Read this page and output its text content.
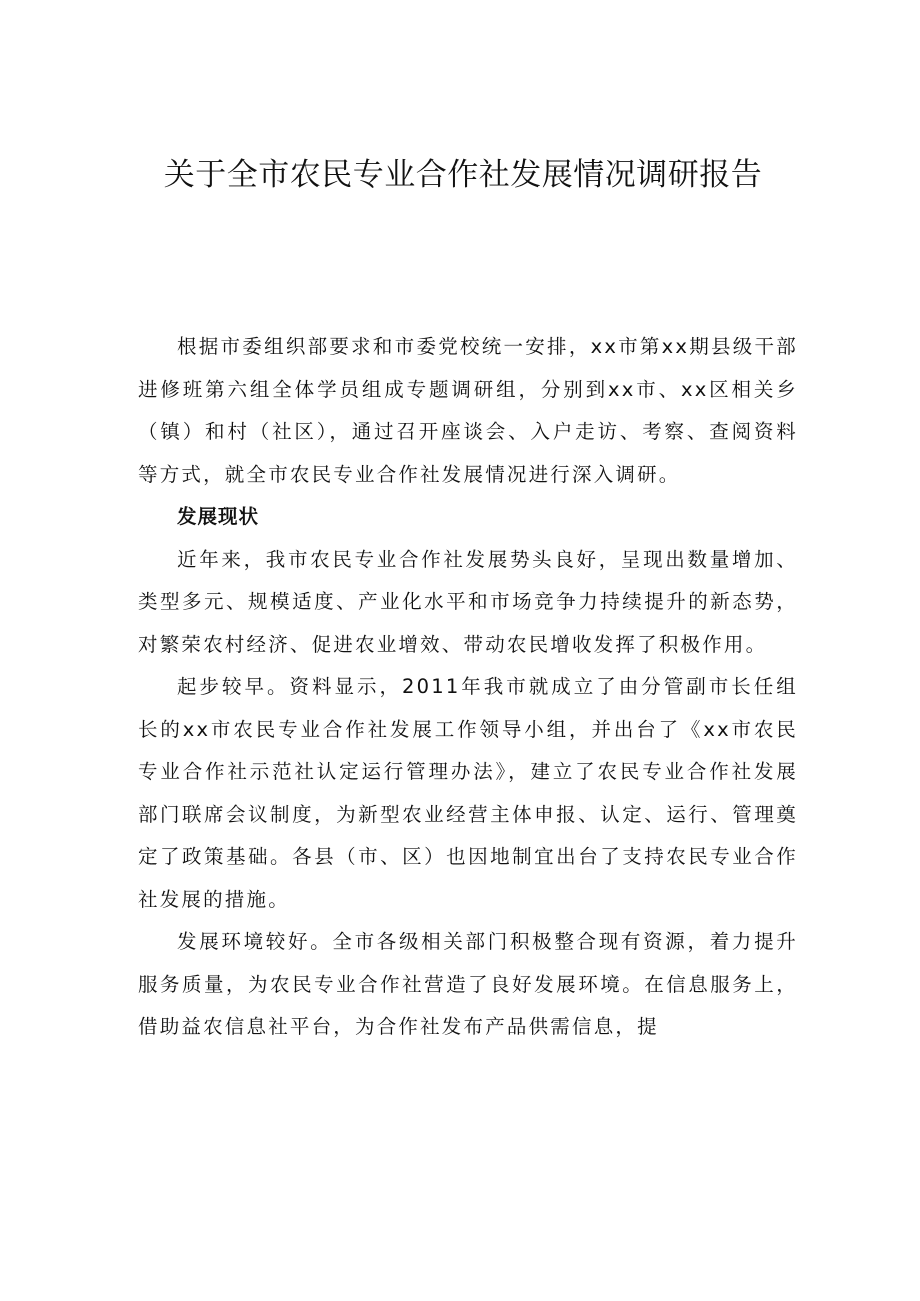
关于全市农民专业合作社发展情况调研报告

根据市委组织部要求和市委党校统一安排，xx市第xx期县级干部进修班第六组全体学员组成专题调研组，分别到xx市、xx区相关乡（镇）和村（社区），通过召开座谈会、入户走访、考察、查阅资料等方式，就全市农民专业合作社发展情况进行深入调研。

发展现状

近年来，我市农民专业合作社发展势头良好，呈现出数量增加、类型多元、规模适度、产业化水平和市场竞争力持续提升的新态势，对繁荣农村经济、促进农业增效、带动农民增收发挥了积极作用。

起步较早。资料显示，2011年我市就成立了由分管副市长任组长的xx市农民专业合作社发展工作领导小组，并出台了《xx市农民专业合作社示范社认定运行管理办法》，建立了农民专业合作社发展部门联席会议制度，为新型农业经营主体申报、认定、运行、管理奠定了政策基础。各县（市、区）也因地制宜出台了支持农民专业合作社发展的措施。

发展环境较好。全市各级相关部门积极整合现有资源，着力提升服务质量，为农民专业合作社营造了良好发展环境。在信息服务上，借助益农信息社平台，为合作社发布产品供需信息，提
